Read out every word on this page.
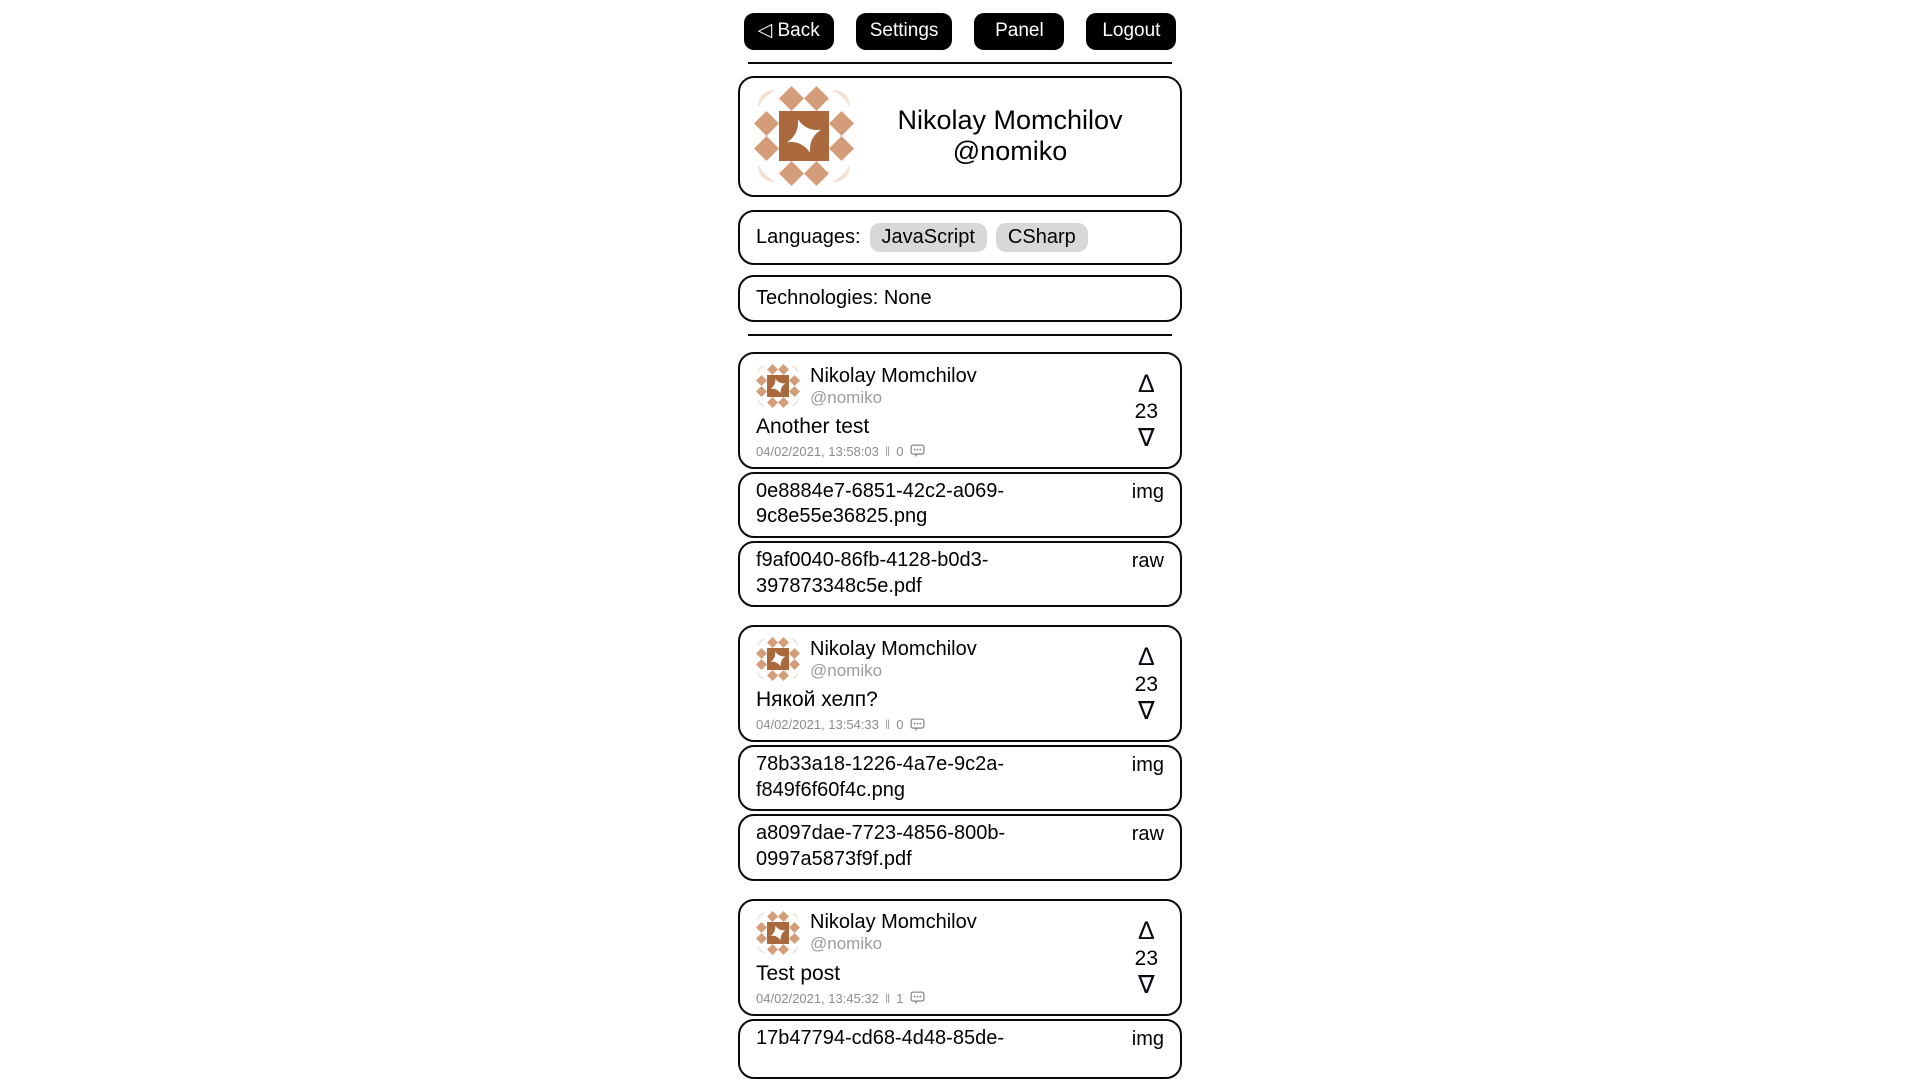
◁ Back	Settings	Panel	Logout
Nikolay Momchilov
@nomiko
Languages:	JavaScript	CSharp
Technologies: None
Nikolay Momchilov
@nomiko
Another test
04/02/2021, 13:58:03 ‖ 0
Δ
23
∇
0e8884e7-6851-42c2-a069-9c8e55e36825.png
img
f9af0040-86fb-4128-b0d3-397873348c5e.pdf
raw
Nikolay Momchilov
@nomiko
Някой хелп?
04/02/2021, 13:54:33 ‖ 0
Δ
23
∇
78b33a18-1226-4a7e-9c2a-f849f6f60f4c.png
img
a8097dae-7723-4856-800b-0997a5873f9f.pdf
raw
Nikolay Momchilov
@nomiko
Test post
04/02/2021, 13:45:32 ‖ 1
Δ
23
∇
17b47794-cd68-4d48-85de-	img
